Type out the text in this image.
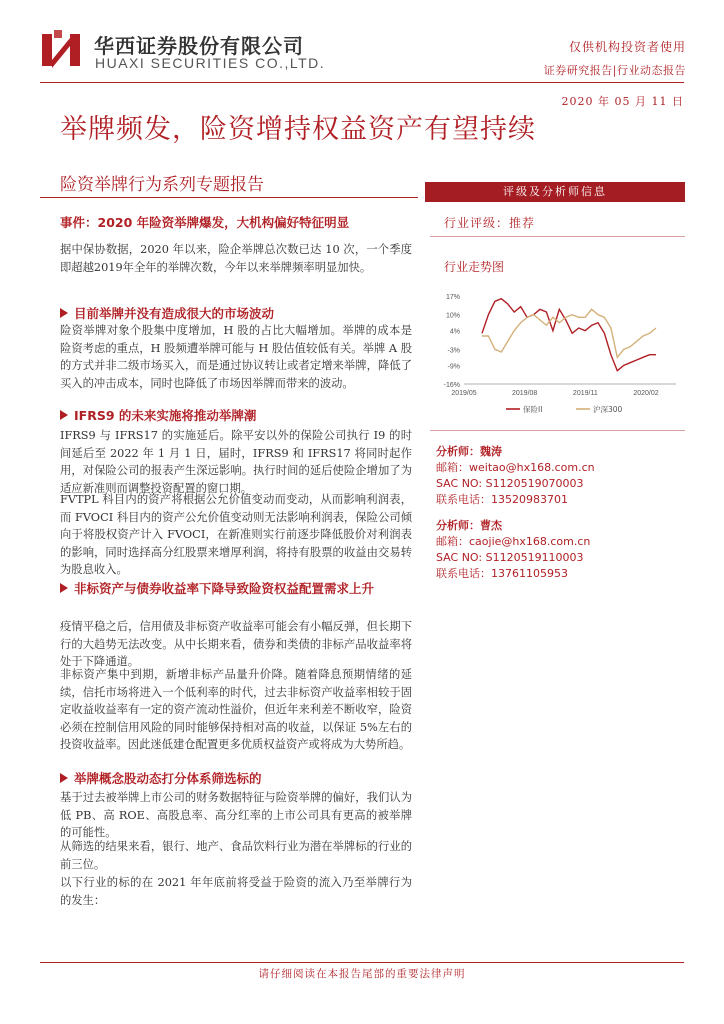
华西证券股份有限公司
HUAXI SECURITIES CO.,LTD.
仅供机构投资者使用
证券研究报告|行业动态报告
2020 年 05 月 11 日
举牌频发，险资增持权益资产有望持续
险资举牌行为系列专题报告	评级及分析师信息
行业评级：推荐
行业走势图
17%
10%
4%
-3%
-9%
-16%
2019/05	2019/08	2019/11	2020/02
保险II	沪深300
分析师：魏涛
邮箱：weitao@hx168.com.cn
SAC NO: S1120519070003
联系电话：13520983701
分析师：曹杰
邮箱：caojie@hx168.com.cn
SAC NO: S1120519110003
联系电话：13761105953
事件：2020 年险资举牌爆发，大机构偏好特征明显
据中保协数据，2020 年以来，险企举牌总次数已达 10 次，一个季度即超越2019年全年的举牌次数，今年以来举牌频率明显加快。
目前举牌并没有造成很大的市场波动
险资举牌对象个股集中度增加，H 股的占比大幅增加。举牌的成本是险资考虑的重点，H 股频遭举牌可能与 H 股估值较低有关。举牌 A 股的方式并非二级市场买入，而是通过协议转让或者定增来举牌，降低了买入的冲击成本，同时也降低了市场因举牌而带来的波动。
IFRS9 的未来实施将推动举牌潮
IFRS9 与 IFRS17 的实施延后。除平安以外的保险公司执行 I9 的时间延后至 2022 年 1 月 1 日，届时，IFRS9 和 IFRS17 将同时起作用，对保险公司的报表产生深远影响。执行时间的延后使险企增加了为适应新准则而调整投资配置的窗口期。
FVTPL 科目内的资产将根据公允价值变动而变动，从而影响利润表，而 FVOCI 科目内的资产公允价值变动则无法影响利润表，保险公司倾向于将股权资产计入 FVOCI，在新准则实行前逐步降低股价对利润表的影响，同时选择高分红股票来增厚利润，将持有股票的收益由交易转为股息收入。
非标资产与债券收益率下降导致险资权益配置需求上升
疫情平稳之后，信用债及非标资产收益率可能会有小幅反弹，但长期下行的大趋势无法改变。从中长期来看，债券和类债的非标产品收益率将处于下降通道。
非标资产集中到期，新增非标产品量升价降。随着降息预期情绪的延续，信托市场将进入一个低利率的时代，过去非标资产收益率相较于固定收益收益率有一定的资产流动性溢价，但近年来利差不断收窄，险资必须在控制信用风险的同时能够保持相对高的收益，以保证 5%左右的投资收益率。因此迷低建仓配置更多优质权益资产或将成为大势所趋。
举牌概念股动态打分体系筛选标的
基于过去被举牌上市公司的财务数据特征与险资举牌的偏好，我们认为低 PB、高 ROE、高股息率、高分红率的上市公司具有更高的被举牌的可能性。
从筛选的结果来看，银行、地产、食品饮料行业为潜在举牌标的行业的前三位。
以下行业的标的在 2021 年年底前将受益于险资的流入乃至举牌行为的发生：
请仔细阅读在本报告尾部的重要法律声明
